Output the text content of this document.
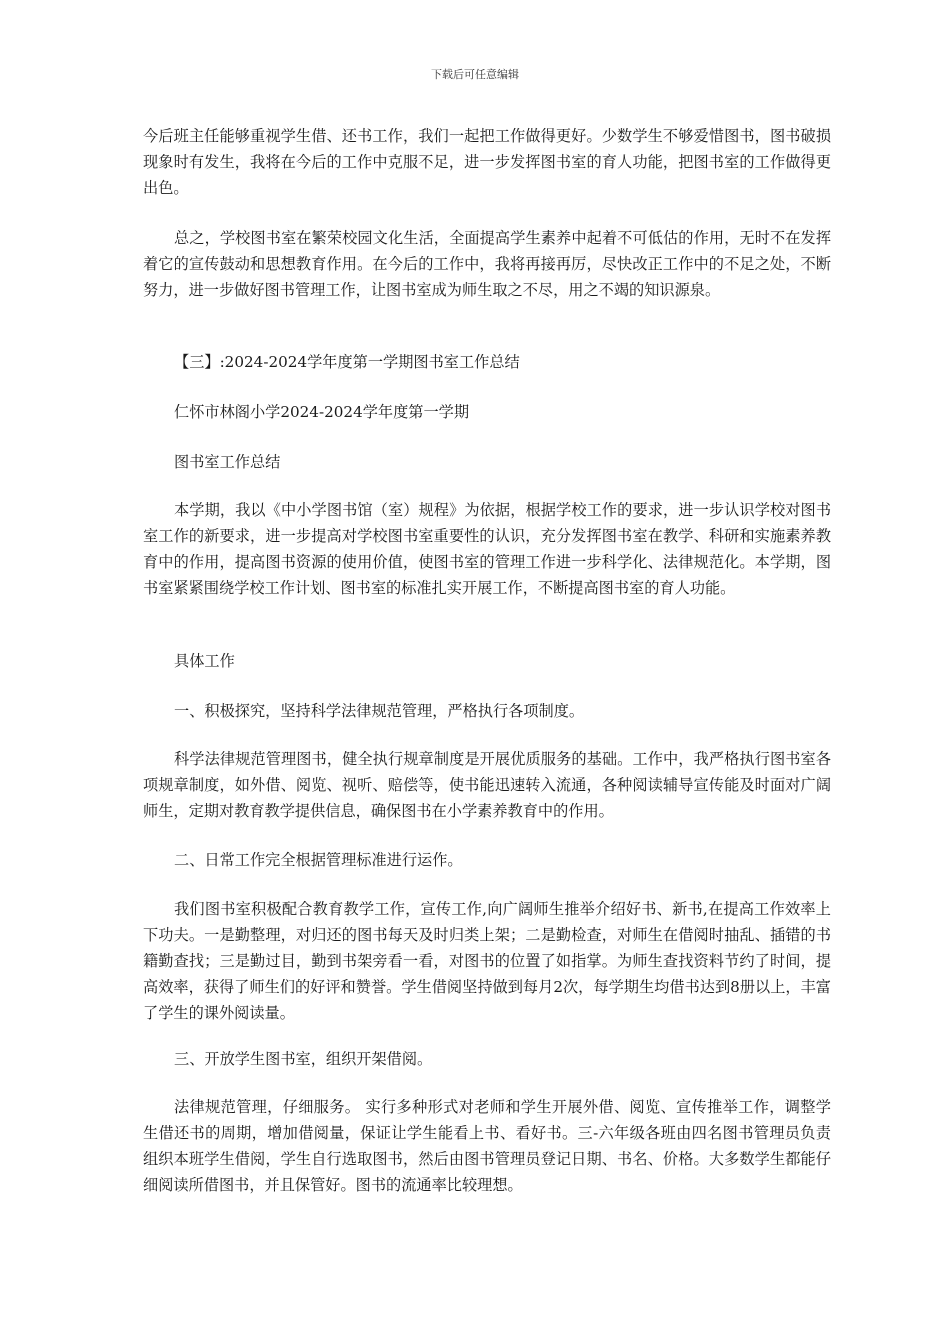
下载后可任意编辑

今后班主任能够重视学生借、还书工作，我们一起把工作做得更好。少数学生不够爱惜图书，图书破损现象时有发生，我将在今后的工作中克服不足，进一步发挥图书室的育人功能，把图书室的工作做得更出色。

总之，学校图书室在繁荣校园文化生活，全面提高学生素养中起着不可低估的作用，无时不在发挥着它的宣传鼓动和思想教育作用。在今后的工作中，我将再接再厉，尽快改正工作中的不足之处，不断努力，进一步做好图书管理工作，让图书室成为师生取之不尽，用之不竭的知识源泉。

【三】:2024-2024学年度第一学期图书室工作总结

仁怀市林阁小学2024-2024学年度第一学期

图书室工作总结

本学期，我以《中小学图书馆（室）规程》为依据，根据学校工作的要求，进一步认识学校对图书室工作的新要求，进一步提高对学校图书室重要性的认识，充分发挥图书室在教学、科研和实施素养教育中的作用，提高图书资源的使用价值，使图书室的管理工作进一步科学化、法律规范化。本学期，图书室紧紧围绕学校工作计划、图书室的标准扎实开展工作，不断提高图书室的育人功能。

具体工作

一、积极探究，坚持科学法律规范管理，严格执行各项制度。

科学法律规范管理图书，健全执行规章制度是开展优质服务的基础。工作中，我严格执行图书室各项规章制度，如外借、阅览、视听、赔偿等，使书能迅速转入流通，各种阅读辅导宣传能及时面对广阔师生，定期对教育教学提供信息，确保图书在小学素养教育中的作用。

二、日常工作完全根据管理标准进行运作。

我们图书室积极配合教育教学工作，宣传工作,向广阔师生推举介绍好书、新书,在提高工作效率上下功夫。一是勤整理，对归还的图书每天及时归类上架；二是勤检查，对师生在借阅时抽乱、插错的书籍勤查找；三是勤过目，勤到书架旁看一看，对图书的位置了如指掌。为师生查找资料节约了时间，提高效率，获得了师生们的好评和赞誉。学生借阅坚持做到每月2次，每学期生均借书达到8册以上，丰富了学生的课外阅读量。

三、开放学生图书室，组织开架借阅。

法律规范管理，仔细服务。 实行多种形式对老师和学生开展外借、阅览、宣传推举工作，调整学生借还书的周期，增加借阅量，保证让学生能看上书、看好书。三-六年级各班由四名图书管理员负责组织本班学生借阅，学生自行选取图书，然后由图书管理员登记日期、书名、价格。大多数学生都能仔细阅读所借图书，并且保管好。图书的流通率比较理想。
